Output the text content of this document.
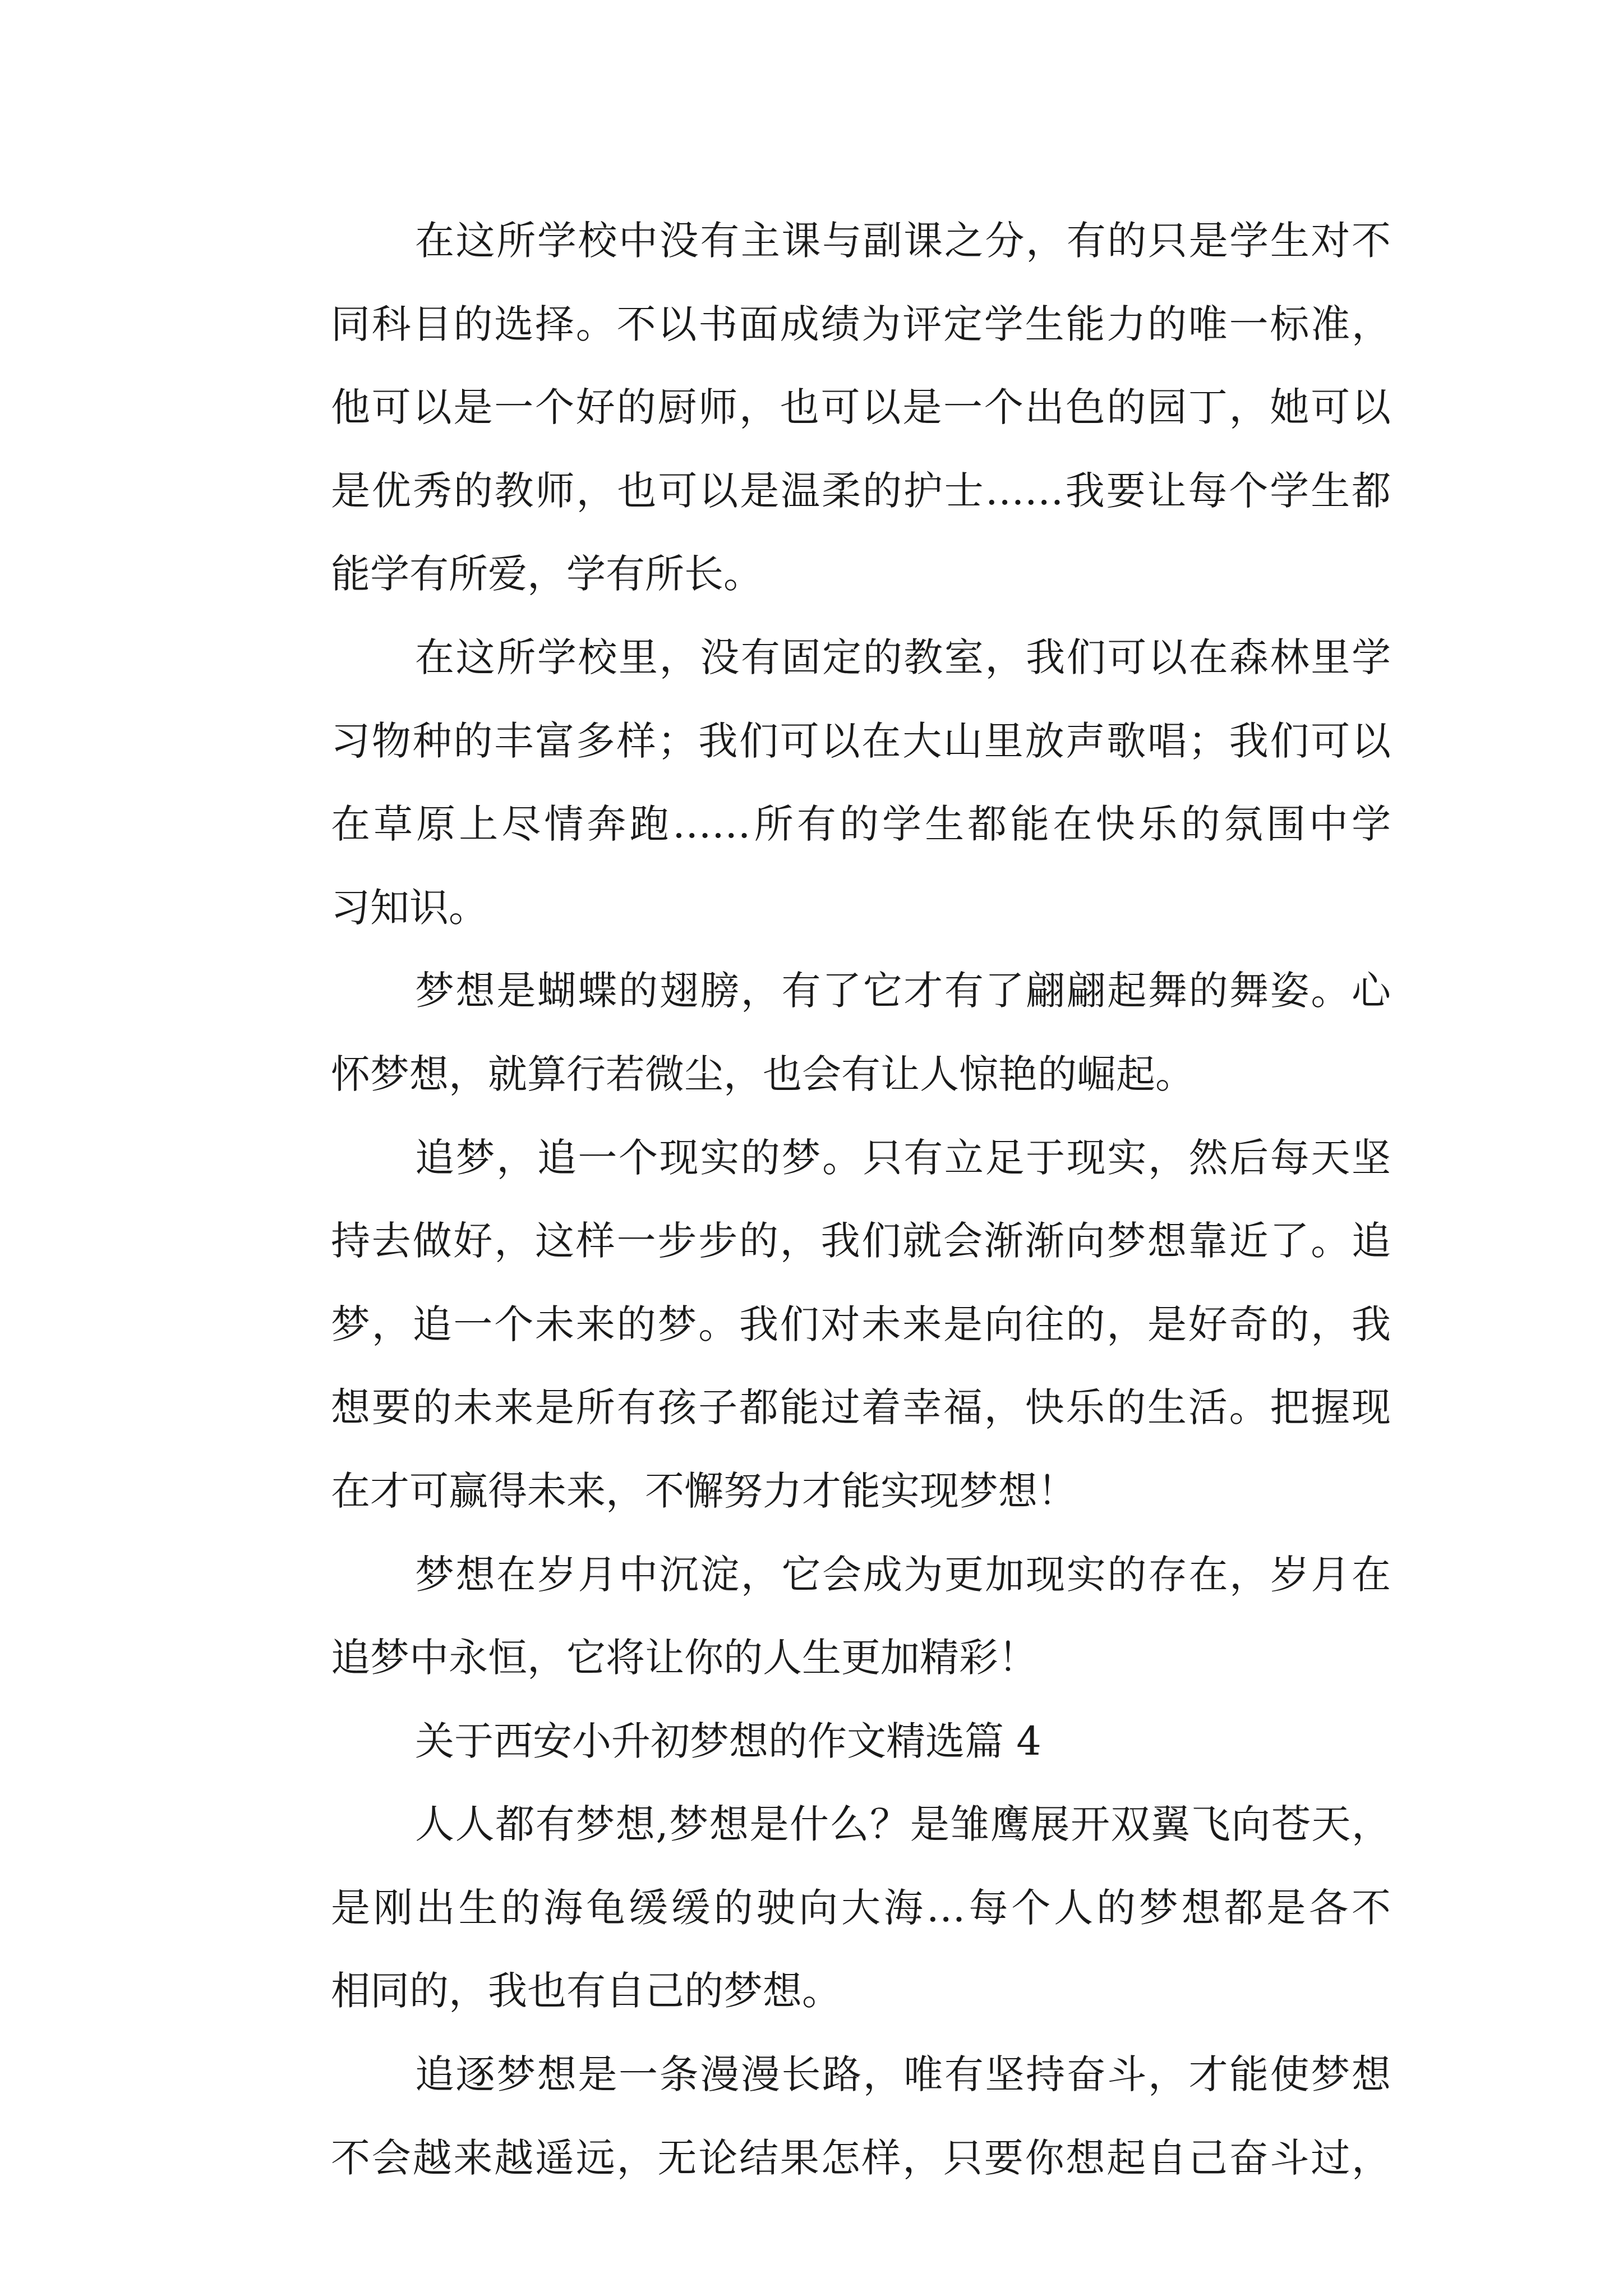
在这所学校中没有主课与副课之分，有的只是学生对不
同科目的选择。不以书面成绩为评定学生能力的唯一标准，
他可以是一个好的厨师，也可以是一个出色的园丁，她可以
是优秀的教师，也可以是温柔的护士……我要让每个学生都
能学有所爱，学有所长。
在这所学校里，没有固定的教室，我们可以在森林里学
习物种的丰富多样；我们可以在大山里放声歌唱；我们可以
在草原上尽情奔跑……所有的学生都能在快乐的氛围中学
习知识。
梦想是蝴蝶的翅膀，有了它才有了翩翩起舞的舞姿。心
怀梦想，就算行若微尘，也会有让人惊艳的崛起。
追梦，追一个现实的梦。只有立足于现实，然后每天坚
持去做好，这样一步步的，我们就会渐渐向梦想靠近了。追
梦，追一个未来的梦。我们对未来是向往的，是好奇的，我
想要的未来是所有孩子都能过着幸福，快乐的生活。把握现
在才可赢得未来，不懈努力才能实现梦想！
梦想在岁月中沉淀，它会成为更加现实的存在，岁月在
追梦中永恒，它将让你的人生更加精彩！
关于西安小升初梦想的作文精选篇 4
人人都有梦想,梦想是什么？是雏鹰展开双翼飞向苍天，
是刚出生的海龟缓缓的驶向大海…每个人的梦想都是各不
相同的，我也有自己的梦想。
追逐梦想是一条漫漫长路，唯有坚持奋斗，才能使梦想
不会越来越遥远，无论结果怎样，只要你想起自己奋斗过，
